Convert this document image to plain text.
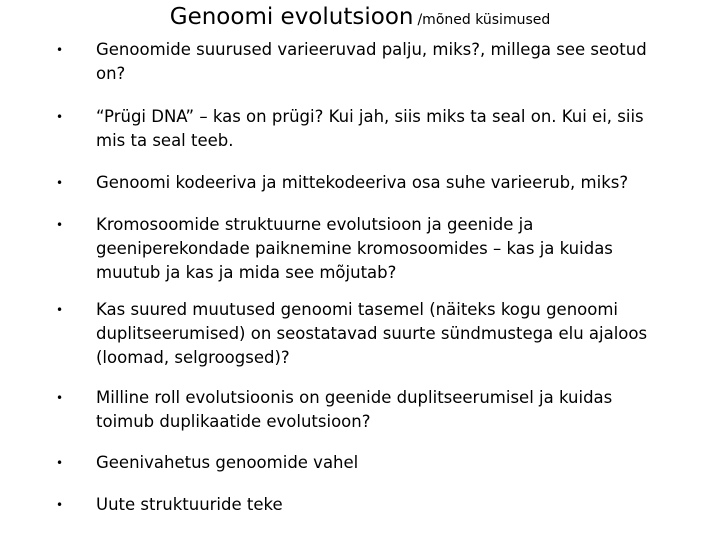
Genoomi evolutsioon /mõned küsimused
• Genoomide suurused varieeruvad palju, miks?, millega see seotud on?
• “Prügi DNA” – kas on prügi? Kui jah, siis miks ta seal on. Kui ei, siis mis ta seal teeb.
• Genoomi kodeeriva ja mittekodeeriva osa suhe varieerub, miks?
• Kromosoomide struktuurne evolutsioon ja geenide ja geeniperekondade paiknemine kromosoomides – kas ja kuidas muutub ja kas ja mida see mõjutab?
• Kas suured muutused genoomi tasemel (näiteks kogu genoomi duplitseerumised) on seostatavad suurte sündmustega elu ajaloos (loomad, selgroogsed)?
• Milline roll evolutsioonis on geenide duplitseerumisel ja kuidas toimub duplikaatide evolutsioon?
• Geenivahetus genoomide vahel
• Uute struktuuride teke
